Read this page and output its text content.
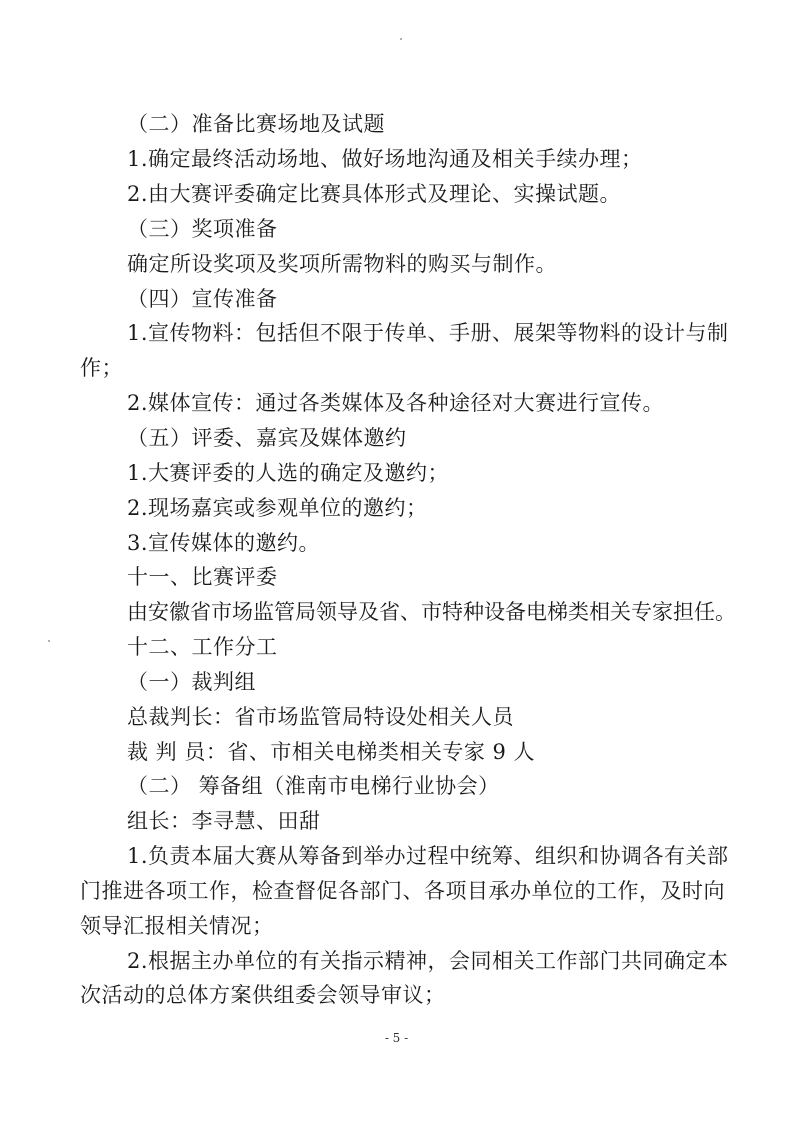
（二）准备比赛场地及试题
1.确定最终活动场地、做好场地沟通及相关手续办理；
2.由大赛评委确定比赛具体形式及理论、实操试题。
（三）奖项准备
确定所设奖项及奖项所需物料的购买与制作。
（四）宣传准备
1.宣传物料：包括但不限于传单、手册、展架等物料的设计与制
作；
2.媒体宣传：通过各类媒体及各种途径对大赛进行宣传。
（五）评委、嘉宾及媒体邀约
1.大赛评委的人选的确定及邀约；
2.现场嘉宾或参观单位的邀约；
3.宣传媒体的邀约。
十一、比赛评委
由安徽省市场监管局领导及省、市特种设备电梯类相关专家担任。
十二、工作分工
（一）裁判组
总裁判长：省市场监管局特设处相关人员
裁 判 员：省、市相关电梯类相关专家 9 人
（二） 筹备组（淮南市电梯行业协会）
组长：李寻慧、田甜
1.负责本届大赛从筹备到举办过程中统筹、组织和协调各有关部
门推进各项工作，检查督促各部门、各项目承办单位的工作，及时向
领导汇报相关情况；
2.根据主办单位的有关指示精神，会同相关工作部门共同确定本
次活动的总体方案供组委会领导审议；
- 5 -
